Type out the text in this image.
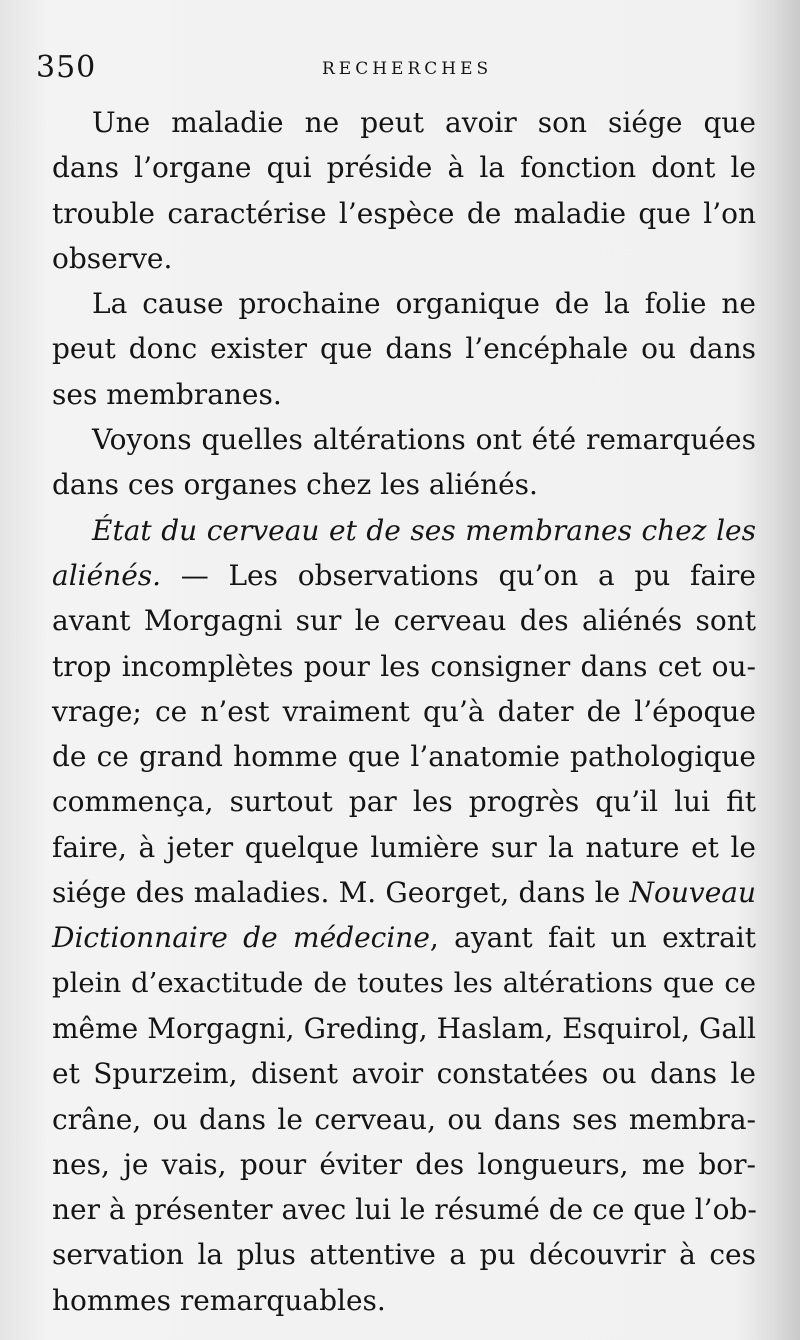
350	RECHERCHES
Une maladie ne peut avoir son siége que
dans l’organe qui préside à la fonction dont le
trouble caractérise l’espèce de maladie que l’on
observe.
La cause prochaine organique de la folie ne
peut donc exister que dans l’encéphale ou dans
ses membranes.
Voyons quelles altérations ont été remarquées
dans ces organes chez les aliénés.
État du cerveau et de ses membranes chez les
aliénés. — Les observations qu’on a pu faire
avant Morgagni sur le cerveau des aliénés sont
trop incomplètes pour les consigner dans cet ou-
vrage; ce n’est vraiment qu’à dater de l’époque
de ce grand homme que l’anatomie pathologique
commença, surtout par les progrès qu’il lui fit
faire, à jeter quelque lumière sur la nature et le
siége des maladies. M. Georget, dans le Nouveau
Dictionnaire de médecine, ayant fait un extrait
plein d’exactitude de toutes les altérations que ce
même Morgagni, Greding, Haslam, Esquirol, Gall
et Spurzeim, disent avoir constatées ou dans le
crâne, ou dans le cerveau, ou dans ses membra-
nes, je vais, pour éviter des longueurs, me bor-
ner à présenter avec lui le résumé de ce que l’ob-
servation la plus attentive a pu découvrir à ces
hommes remarquables.
